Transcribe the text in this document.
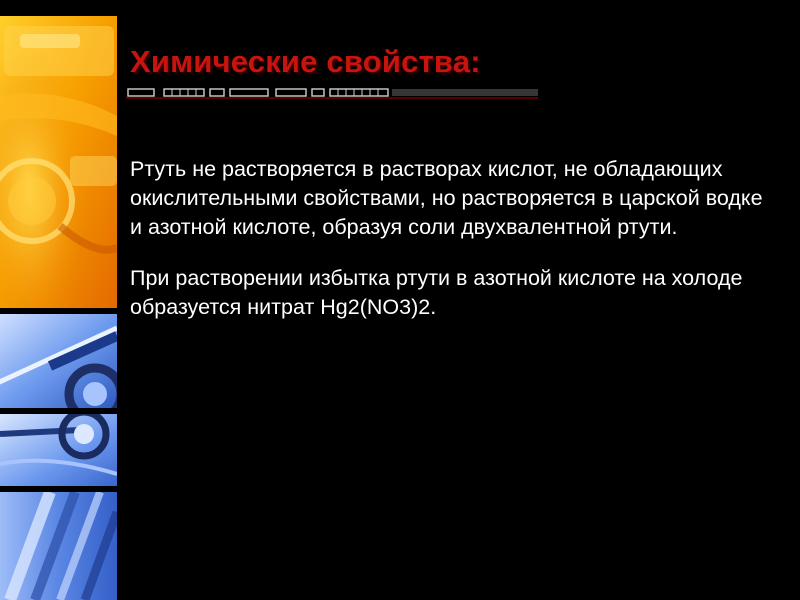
Химические свойства:

Ртуть не растворяется в растворах кислот, не обладающих окислительными свойствами, но растворяется в царской водке и азотной кислоте, образуя соли двухвалентной ртути.

При растворении избытка ртути в азотной кислоте на холоде образуется нитрат Hg2(NO3)2.
